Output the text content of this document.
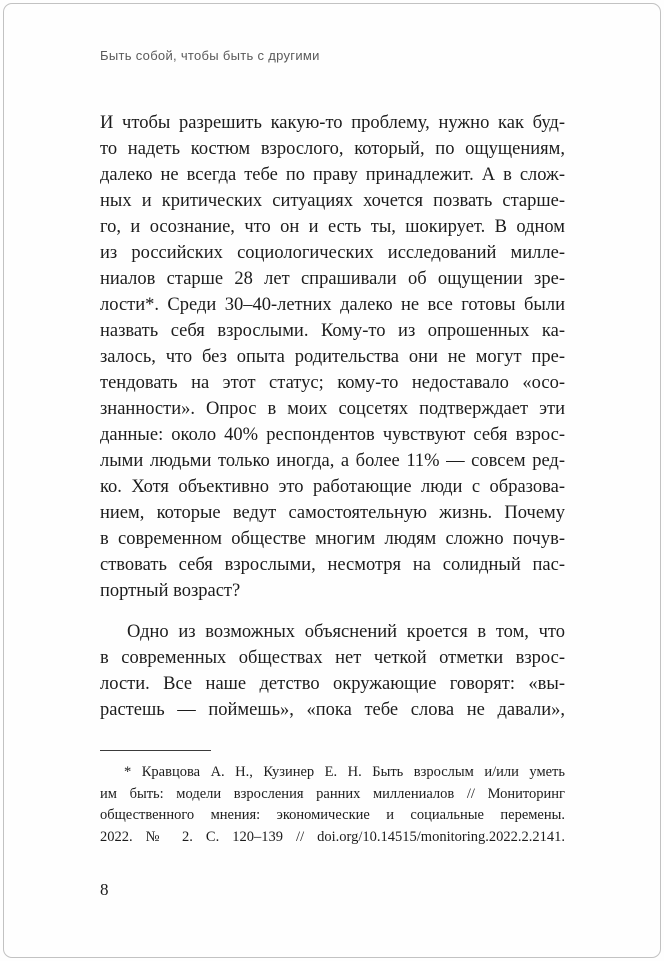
Быть собой, чтобы быть с другими
И чтобы разрешить какую-то проблему, нужно как буд-
то надеть костюм взрослого, который, по ощущениям,
далеко не всегда тебе по праву принадлежит. А в слож-
ных и критических ситуациях хочется позвать старше-
го, и осознание, что он и есть ты, шокирует. В одном
из российских социологических исследований милле-
ниалов старше 28 лет спрашивали об ощущении зре-
лости*. Среди 30–40-летних далеко не все готовы были
назвать себя взрослыми. Кому-то из опрошенных ка-
залось, что без опыта родительства они не могут пре-
тендовать на этот статус; кому-то недоставало «осо-
знанности». Опрос в моих соцсетях подтверждает эти
данные: около 40% респондентов чувствуют себя взрос-
лыми людьми только иногда, а более 11% — совсем ред-
ко. Хотя объективно это работающие люди с образова-
нием, которые ведут самостоятельную жизнь. Почему
в современном обществе многим людям сложно почув-
ствовать себя взрослыми, несмотря на солидный пас-
портный возраст?
Одно из возможных объяснений кроется в том, что
в современных обществах нет четкой отметки взрос-
лости. Все наше детство окружающие говорят: «вы-
растешь — поймешь», «пока тебе слова не давали»,
* Кравцова А. Н., Кузинер Е. Н. Быть взрослым и/или уметь
им быть: модели взросления ранних миллениалов // Мониторинг
общественного мнения: экономические и социальные перемены.
2022. № 2. С. 120–139 // doi.org/10.14515/monitoring.2022.2.2141.
8
